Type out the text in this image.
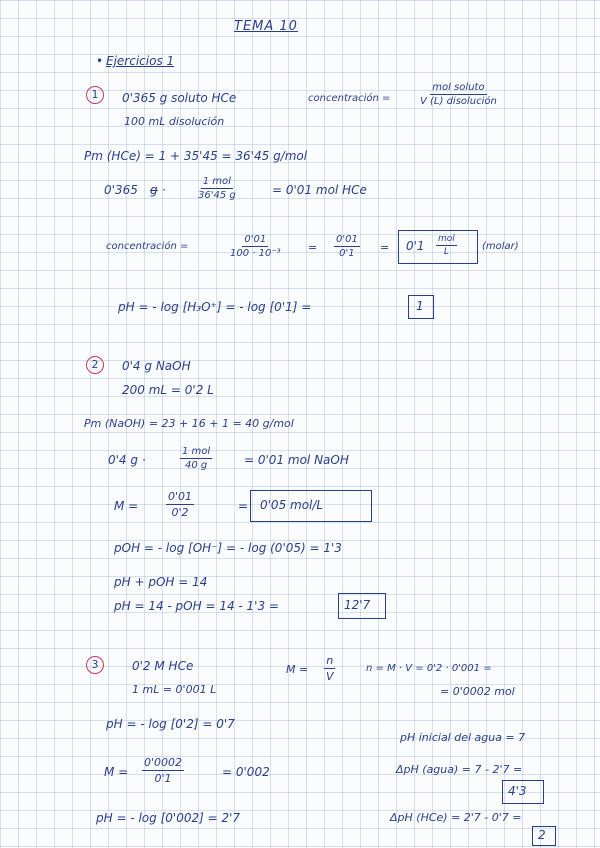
TEMA 10
• Ejercicios 1
1	0'365 g soluto HCe	concentración =
mol soluto
V (L) disolución
100 mL disolución
Pm (HCe) = 1 + 35'45 = 36'45 g/mol
0'365 g ·
1 mol
36'45 g	= 0'01 mol HCe
concentración =	$\frac{0'01}{\text{100 · 10⁻³}} = \frac{0'01}{0'1} = 0'1$ mol
L	(molar)
pH = - log [H₃O⁺] = - log [0'1] =	1
2	0'4 g NaOH
200 mL = 0'2 L
Pm (NaOH) = 23 + 16 + 1 = 40 g/mol
0'4 g ·
1 mol
40 g	= 0'01 mol NaOH
M =	$\frac{0'01}{0'2}$	= 0'05 mol/L
pOH = - log [OH⁻] = - log (0'05) = 1'3
pH + pOH = 14
pH = 14 - pOH = 14 - 1'3 =	12'7
3	0'2 M HCe
1 mL = 0'001 L
$M = \frac{n}{V}$	n = M · V = 0'2 · 0'001 =
= 0'0002 mol
pH = - log [0'2] = 0'7
pH inicial del agua = 7
$M = \frac{0'0002}{0'1}$	= 0'002	ΔpH (agua) = 7 - 2'7 =
4'3
pH = - log [0'002] = 2'7	ΔpH (HCe) = 2'7 - 0'7 =
2
